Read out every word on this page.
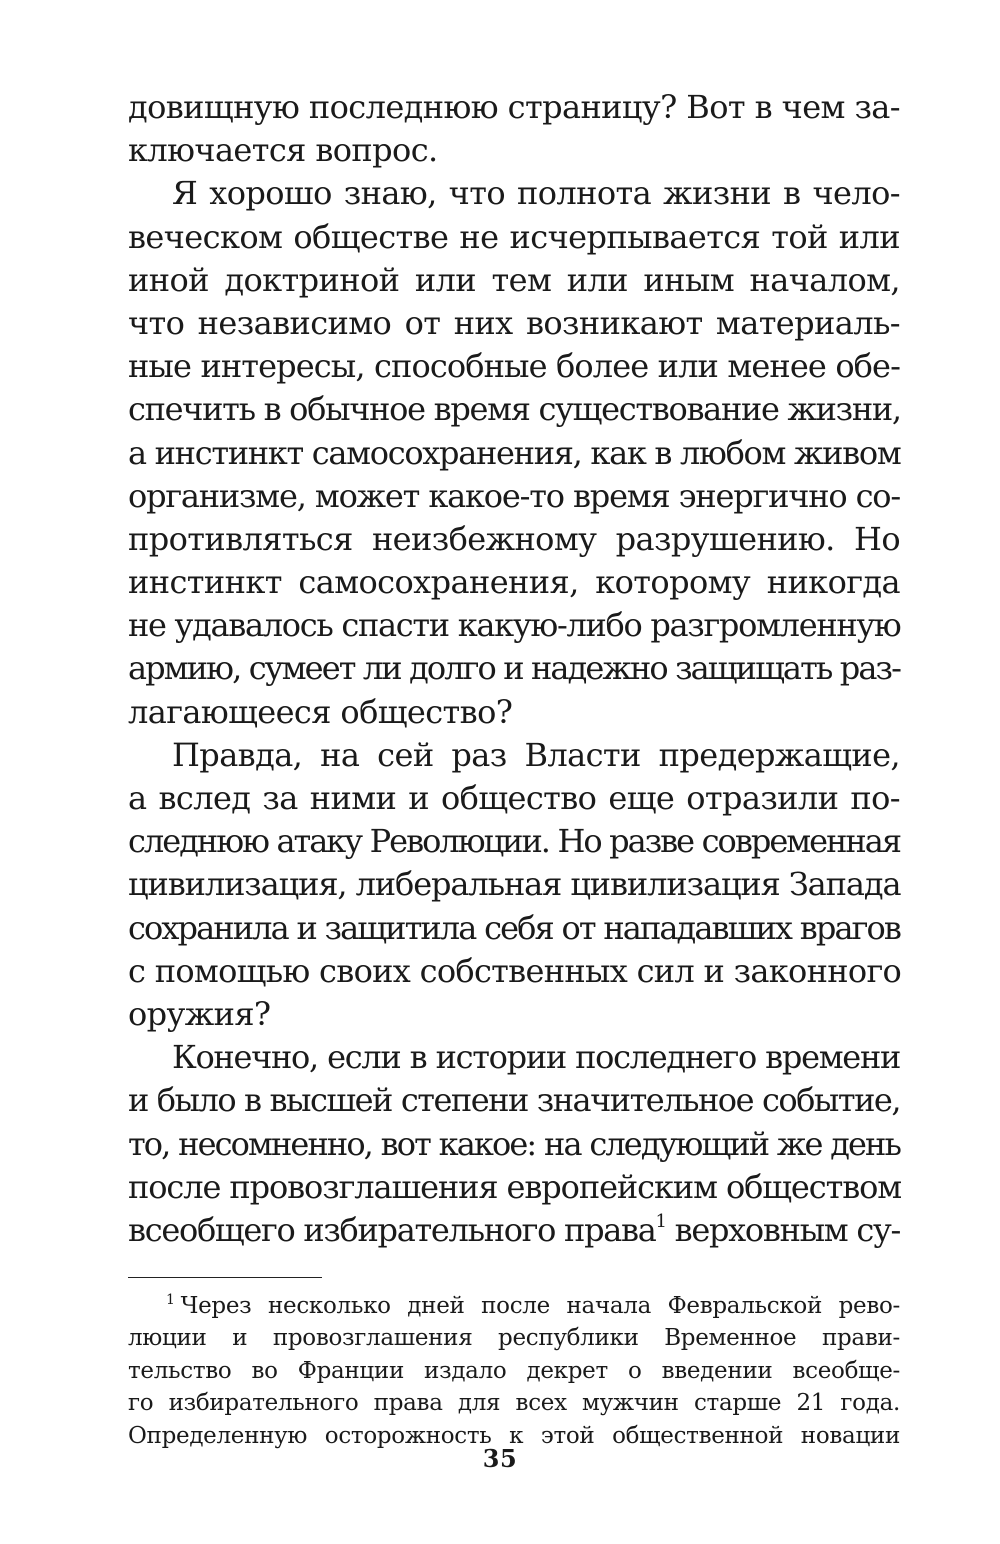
довищную последнюю страницу? Вот в чем за-
ключается вопрос.
Я хорошо знаю, что полнота жизни в чело-
веческом обществе не исчерпывается той или
иной доктриной или тем или иным началом,
что независимо от них возникают материаль-
ные интересы, способные более или менее обе-
спечить в обычное время существование жизни,
а инстинкт самосохранения, как в любом живом
организме, может какое-то время энергично со-
противляться неизбежному разрушению. Но
инстинкт самосохранения, которому никогда
не удавалось спасти какую-либо разгромленную
армию, сумеет ли долго и надежно защищать раз-
лагающееся общество?
Правда, на сей раз Власти предержащие,
а вслед за ними и общество еще отразили по-
следнюю атаку Революции. Но разве современная
цивилизация, либеральная цивилизация Запада
сохранила и защитила себя от нападавших врагов
с помощью своих собственных сил и законного
оружия?
Конечно, если в истории последнего времени
и было в высшей степени значительное событие,
то, несомненно, вот какое: на следующий же день
после провозглашения европейским обществом
всеобщего избирательного права$^1$ верховным су-
$^1$ Через несколько дней после начала Февральской рево-
люции и провозглашения республики Временное прави-
тельство во Франции издало декрет о введении всеобще-
го избирательного права для всех мужчин старше 21 года.
Определенную осторожность к этой общественной новации
35
